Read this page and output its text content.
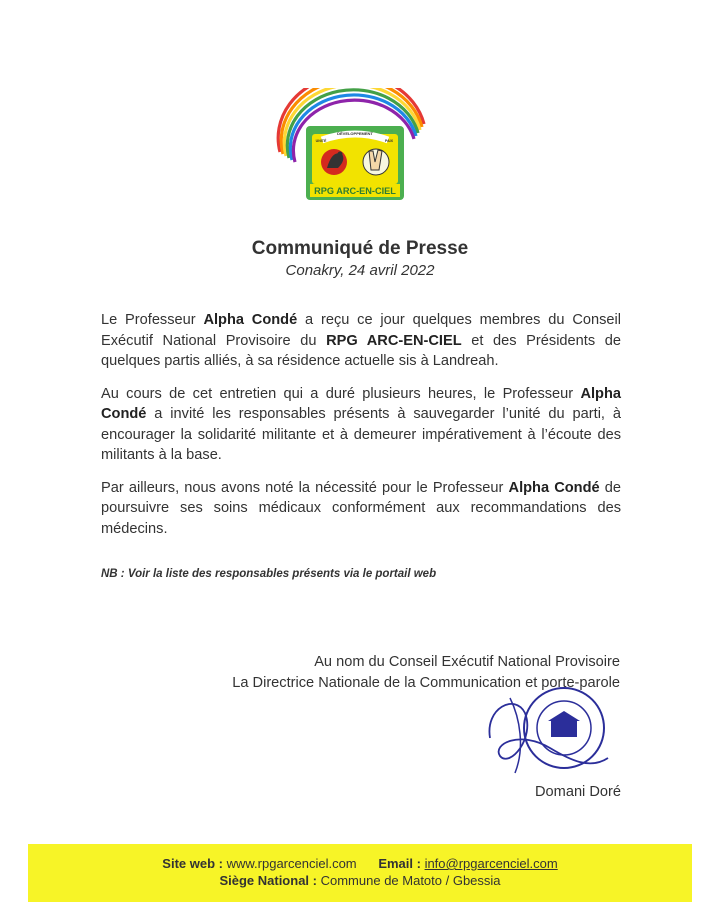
RPG ARC-EN-CIEL
DÉVELOPPEMENT
UNITÉ	PAIX
Communiqué de Presse
Conakry, 24 avril 2022

Le Professeur Alpha Condé a reçu ce jour quelques membres du Conseil Exécutif National Provisoire du RPG ARC-EN-CIEL et des Présidents de quelques partis alliés, à sa résidence actuelle sis à Landreah.

Au cours de cet entretien qui a duré plusieurs heures, le Professeur Alpha Condé a invité les responsables présents à sauvegarder l’unité du parti, à encourager la solidarité militante et à demeurer impérativement à l’écoute des militants à la base.

Par ailleurs, nous avons noté la nécessité pour le Professeur Alpha Condé de poursuivre ses soins médicaux conformément aux recommandations des médecins.

NB : Voir la liste des responsables présents via le portail web
Au nom du Conseil Exécutif National Provisoire
La Directrice Nationale de la Communication et porte-parole
Domani Doré
Site web : www.rpgarcenciel.com Email : info@rpgarcenciel.com
Siège National : Commune de Matoto / Gbessia
